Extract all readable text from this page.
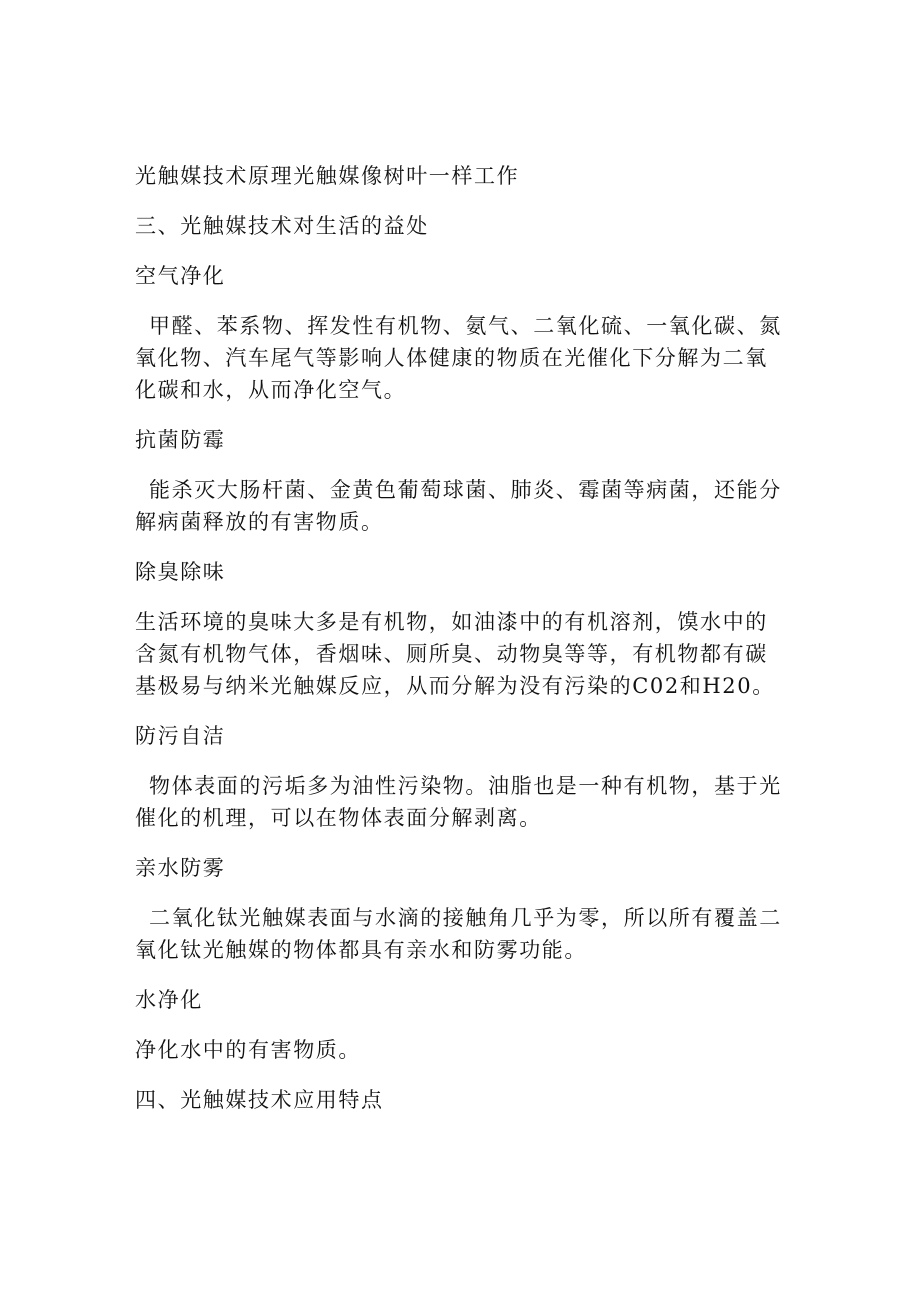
光触媒技术原理光触媒像树叶一样工作

三、光触媒技术对生活的益处

空气净化

甲醛、苯系物、挥发性有机物、氨气、二氧化硫、一氧化碳、氮氧化物、汽车尾气等影响人体健康的物质在光催化下分解为二氧化碳和水，从而净化空气。

抗菌防霉

能杀灭大肠杆菌、金黄色葡萄球菌、肺炎、霉菌等病菌，还能分解病菌释放的有害物质。

除臭除味

生活环境的臭味大多是有机物，如油漆中的有机溶剂，馍水中的含氮有机物气体，香烟味、厕所臭、动物臭等等，有机物都有碳基极易与纳米光触媒反应，从而分解为没有污染的C02和H20。

防污自洁

物体表面的污垢多为油性污染物。油脂也是一种有机物，基于光催化的机理，可以在物体表面分解剥离。

亲水防雾

二氧化钛光触媒表面与水滴的接触角几乎为零，所以所有覆盖二氧化钛光触媒的物体都具有亲水和防雾功能。

水净化

净化水中的有害物质。

四、光触媒技术应用特点
